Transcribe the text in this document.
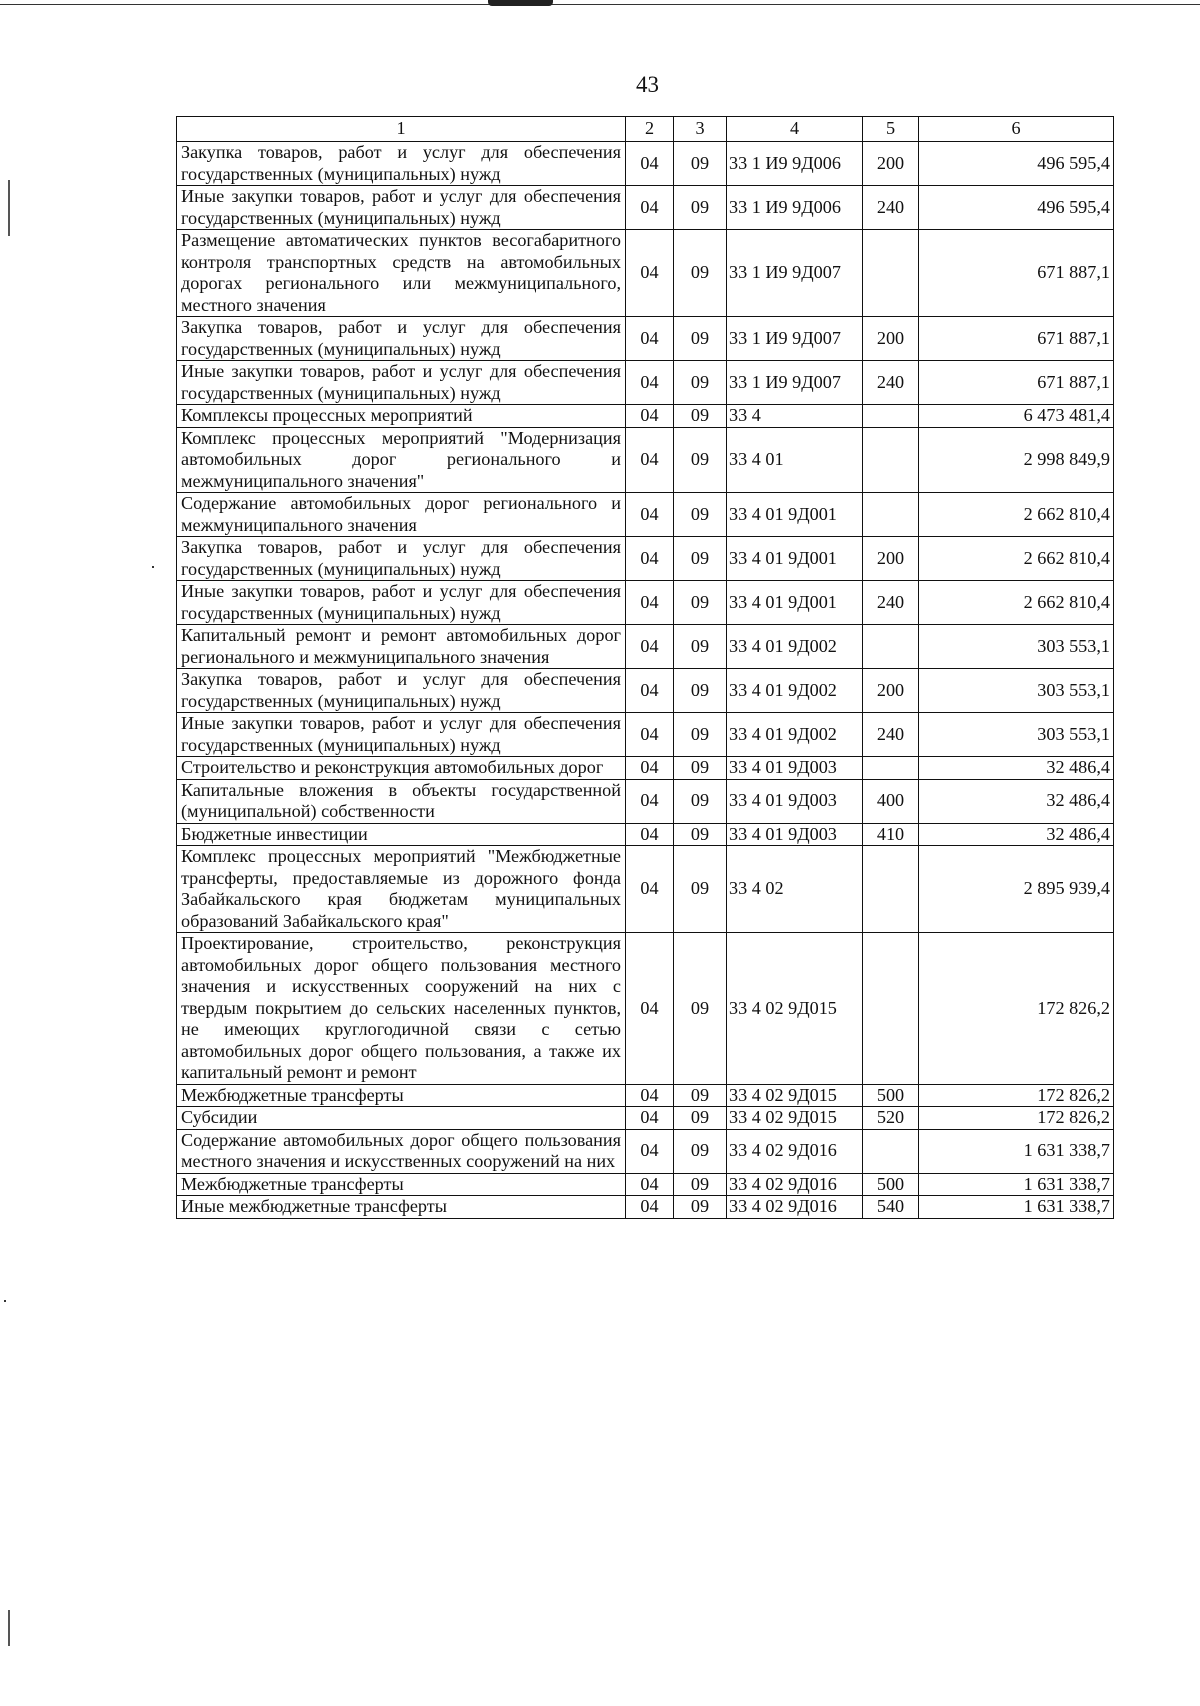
43
1	2	3	4	5	6
Закупка товаров, работ и услуг для обеспечения государственных (муниципальных) нужд	04	09	33 1 И9 9Д006	200	496 595,4
Иные закупки товаров, работ и услуг для обеспечения государственных (муниципальных) нужд	04	09	33 1 И9 9Д006	240	496 595,4
Размещение автоматических пунктов весогабаритного контроля транспортных средств на автомобильных дорогах регионального или межмуниципального, местного значения	04	09	33 1 И9 9Д007		671 887,1
Закупка товаров, работ и услуг для обеспечения государственных (муниципальных) нужд	04	09	33 1 И9 9Д007	200	671 887,1
Иные закупки товаров, работ и услуг для обеспечения государственных (муниципальных) нужд	04	09	33 1 И9 9Д007	240	671 887,1
Комплексы процессных мероприятий	04	09	33 4		6 473 481,4
Комплекс процессных мероприятий "Модернизация автомобильных дорог регионального и межмуниципального значения"	04	09	33 4 01		2 998 849,9
Содержание автомобильных дорог регионального и межмуниципального значения	04	09	33 4 01 9Д001		2 662 810,4
Закупка товаров, работ и услуг для обеспечения государственных (муниципальных) нужд	04	09	33 4 01 9Д001	200	2 662 810,4
Иные закупки товаров, работ и услуг для обеспечения государственных (муниципальных) нужд	04	09	33 4 01 9Д001	240	2 662 810,4
Капитальный ремонт и ремонт автомобильных дорог регионального и межмуниципального значения	04	09	33 4 01 9Д002		303 553,1
Закупка товаров, работ и услуг для обеспечения государственных (муниципальных) нужд	04	09	33 4 01 9Д002	200	303 553,1
Иные закупки товаров, работ и услуг для обеспечения государственных (муниципальных) нужд	04	09	33 4 01 9Д002	240	303 553,1
Строительство и реконструкция автомобильных дорог	04	09	33 4 01 9Д003		32 486,4
Капитальные вложения в объекты государственной (муниципальной) собственности	04	09	33 4 01 9Д003	400	32 486,4
Бюджетные инвестиции	04	09	33 4 01 9Д003	410	32 486,4
Комплекс процессных мероприятий "Межбюджетные трансферты, предоставляемые из дорожного фонда Забайкальского края бюджетам муниципальных образований Забайкальского края"	04	09	33 4 02		2 895 939,4
Проектирование, строительство, реконструкция автомобильных дорог общего пользования местного значения и искусственных сооружений на них с твердым покрытием до сельских населенных пунктов, не имеющих круглогодичной связи с сетью автомобильных дорог общего пользования, а также их капитальный ремонт и ремонт	04	09	33 4 02 9Д015		172 826,2
Межбюджетные трансферты	04	09	33 4 02 9Д015	500	172 826,2
Субсидии	04	09	33 4 02 9Д015	520	172 826,2
Содержание автомобильных дорог общего пользования местного значения и искусственных сооружений на них	04	09	33 4 02 9Д016		1 631 338,7
Межбюджетные трансферты	04	09	33 4 02 9Д016	500	1 631 338,7
Иные межбюджетные трансферты	04	09	33 4 02 9Д016	540	1 631 338,7
